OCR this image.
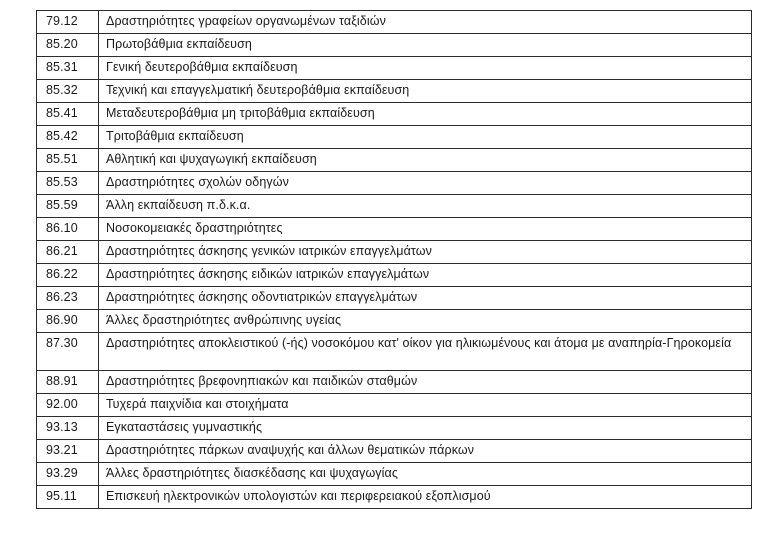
79.12	Δραστηριότητες γραφείων οργανωμένων ταξιδιών
85.20	Πρωτοβάθμια εκπαίδευση
85.31	Γενική δευτεροβάθμια εκπαίδευση
85.32	Τεχνική και επαγγελματική δευτεροβάθμια εκπαίδευση
85.41	Μεταδευτεροβάθμια μη τριτοβάθμια εκπαίδευση
85.42	Τριτοβάθμια εκπαίδευση
85.51	Αθλητική και ψυχαγωγική εκπαίδευση
85.53	Δραστηριότητες σχολών οδηγών
85.59	Άλλη εκπαίδευση π.δ.κ.α.
86.10	Νοσοκομειακές δραστηριότητες
86.21	Δραστηριότητες άσκησης γενικών ιατρικών επαγγελμάτων
86.22	Δραστηριότητες άσκησης ειδικών ιατρικών επαγγελμάτων
86.23	Δραστηριότητες άσκησης οδοντιατρικών επαγγελμάτων
86.90	Άλλες δραστηριότητες ανθρώπινης υγείας
87.30	Δραστηριότητες αποκλειστικού (-ής) νοσοκόμου κατ' οίκον για ηλικιωμένους και άτομα με αναπηρία-Γηροκομεία
88.91	Δραστηριότητες βρεφονηπιακών και παιδικών σταθμών
92.00	Τυχερά παιχνίδια και στοιχήματα
93.13	Εγκαταστάσεις γυμναστικής
93.21	Δραστηριότητες πάρκων αναψυχής και άλλων θεματικών πάρκων
93.29	Άλλες δραστηριότητες διασκέδασης και ψυχαγωγίας
95.11	Επισκευή ηλεκτρονικών υπολογιστών και περιφερειακού εξοπλισμού
